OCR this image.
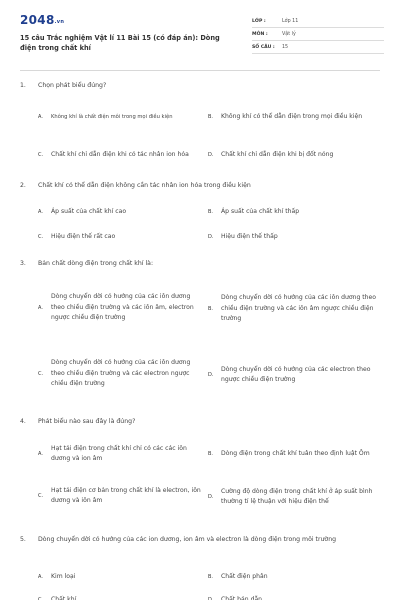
2048.vn
15 câu Trắc nghiệm Vật lí 11 Bài 15 (có đáp án): Dòng điện trong chất khí
LỚP :	Lớp 11
MÔN :	Vật lý
SỐ CÂU :	15
1.	Chọn phát biểu đúng?
A.	Không khí là chất điện môi trong mọi điều kiện	B.	Không khí có thể dẫn điện trong mọi điều kiện
C.	Chất khí chỉ dẫn điện khi có tác nhân ion hóa	D.	Chất khí chỉ dẫn điện khi bị đốt nóng
2.	Chất khí có thể dẫn điện không cần tác nhân ion hóa trong điều kiện
A.	Áp suất của chất khí cao	B.	Áp suất của chất khí thấp
C.	Hiệu điện thế rất cao	D.	Hiệu điện thế thấp
3.	Bản chất dòng điện trong chất khí là:
A.
Dòng chuyển dời có hướng của các iôn dương theo chiều điện trường và các iôn âm, electron ngược chiều điện trường
B.
Dòng chuyển dời có hướng của các iôn dương theo chiều điện trường và các iôn âm ngược chiều điện trường
C.
Dòng chuyển dời có hướng của các iôn dương theo chiều điện trường và các electron ngược chiều điện trường
D.
Dòng chuyển dời có hướng của các electron theo ngược chiều điện trường
4.	Phát biểu nào sau đây là đúng?
A.
Hạt tải điện trong chất khí chỉ có các các iôn dương và ion âm
B.	Dòng điện trong chất khí tuân theo định luật Ôm
C.
Hạt tải điện cơ bản trong chất khí là electron, iôn dương và iôn âm	D.
Cường độ dòng điện trong chất khí ở áp suất bình thường tỉ lệ thuận với hiệu điện thế
5.	Dòng chuyển dời có hướng của các ion dương, ion âm và electron là dòng điện trong môi trường
A.	Kim loại	B.	Chất điện phân
C.	Chất khí	D.	Chất bán dẫn
